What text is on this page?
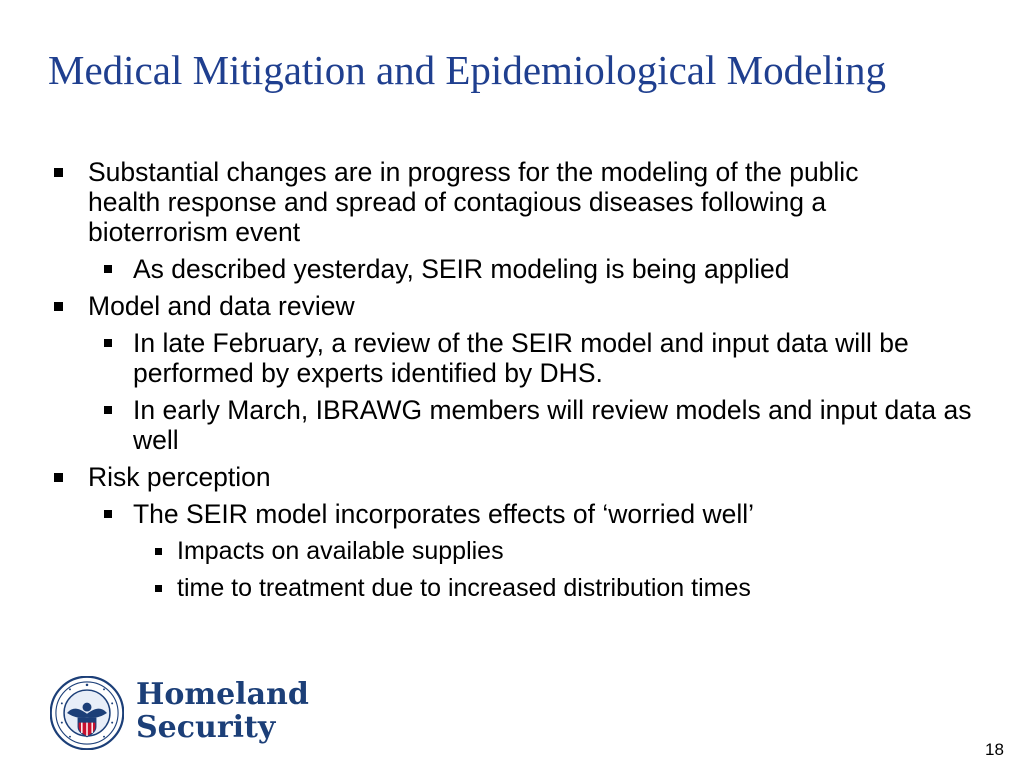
Medical Mitigation and Epidemiological Modeling
Substantial changes are in progress for the modeling of the public health response and spread of contagious diseases following a bioterrorism event
As described yesterday, SEIR modeling is being applied
Model and data review
In late February, a review of the SEIR model and input data will be performed by experts identified by DHS.
In early March, IBRAWG members will review models and input data as well
Risk perception
The SEIR model incorporates effects of ‘worried well’
Impacts on available supplies
time to treatment due to increased distribution times
Homeland
Security
18
